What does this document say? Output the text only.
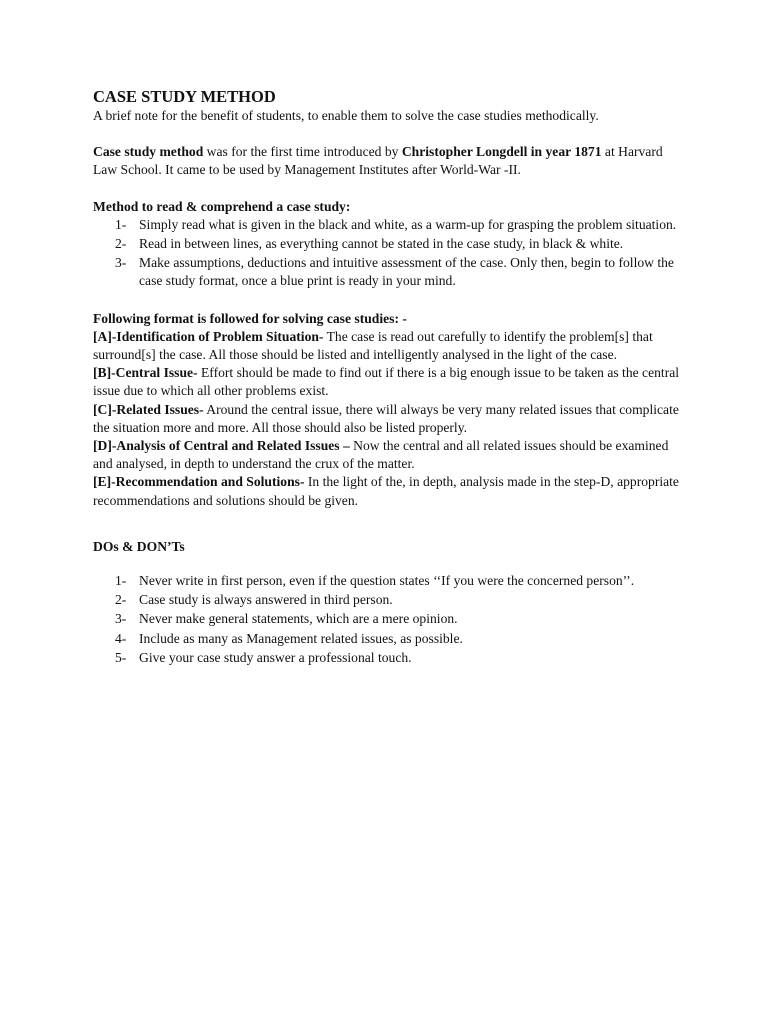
CASE STUDY METHOD

A brief note for the benefit of students, to enable them to solve the case studies methodically.

Case study method was for the first time introduced by Christopher Longdell in year 1871 at Harvard Law School. It came to be used by Management Institutes after World-War -II.

Method to read & comprehend a case study:

1- Simply read what is given in the black and white, as a warm-up for grasping the problem situation.
2- Read in between lines, as everything cannot be stated in the case study, in black & white.
3- Make assumptions, deductions and intuitive assessment of the case. Only then, begin to follow the case study format, once a blue print is ready in your mind.

Following format is followed for solving case studies: -

[A]-Identification of Problem Situation- The case is read out carefully to identify the problem[s] that surround[s] the case. All those should be listed and intelligently analysed in the light of the case.

[B]-Central Issue- Effort should be made to find out if there is a big enough issue to be taken as the central issue due to which all other problems exist.

[C]-Related Issues- Around the central issue, there will always be very many related issues that complicate the situation more and more. All those should also be listed properly.

[D]-Analysis of Central and Related Issues – Now the central and all related issues should be examined and analysed, in depth to understand the crux of the matter.

[E]-Recommendation and Solutions- In the light of the, in depth, analysis made in the step-D, appropriate recommendations and solutions should be given.

DOs & DON’Ts

1- Never write in first person, even if the question states ‘‘If you were the concerned person’’.
2- Case study is always answered in third person.
3- Never make general statements, which are a mere opinion.
4- Include as many as Management related issues, as possible.
5- Give your case study answer a professional touch.
